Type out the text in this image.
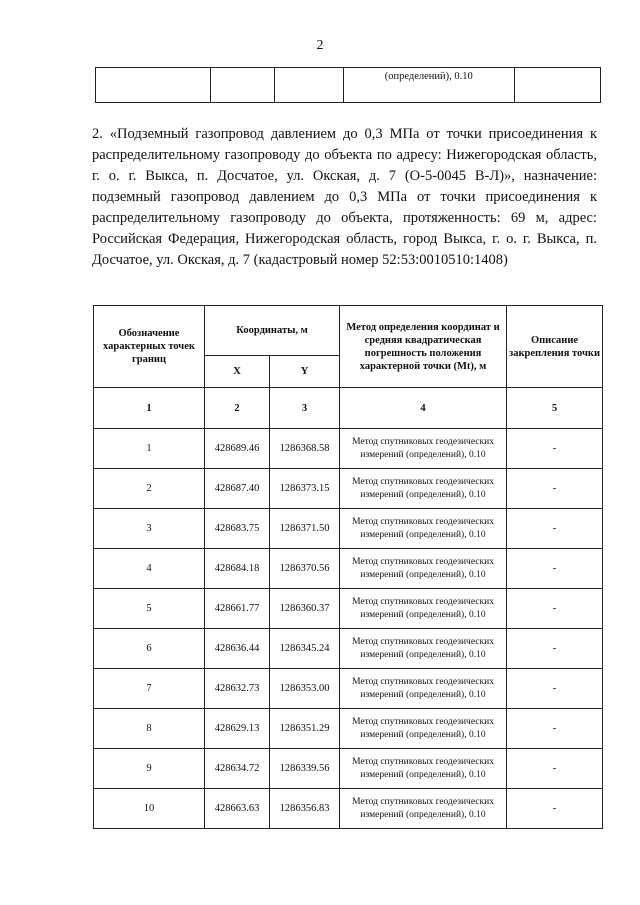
2
			(определений), 0.10	
2. «Подземный газопровод давлением до 0,3 МПа от точки присоединения к распределительному газопроводу до объекта по адресу: Нижегородская область, г. о. г. Выкса, п. Досчатое, ул. Окская, д. 7 (О-5-0045 В-Л)», назначение: подземный газопровод давлением до 0,3 МПа от точки присоединения к распределительному газопроводу до объекта, протяженность: 69 м, адрес: Российская Федерация, Нижегородская область, город Выкса, г. о. г. Выкса, п. Досчатое, ул. Окская, д. 7 (кадастровый номер 52:53:0010510:1408)
Обозначение характерных точек границ	Координаты, м		Метод определения координат и средняя квадратическая погрешность положения характерной точки (Mt), м	Описание закрепления точки
	X	Y		
1	2	3	4	5
1	428689.46	1286368.58	Метод спутниковых геодезических измерений (определений), 0.10	-
2	428687.40	1286373.15	Метод спутниковых геодезических измерений (определений), 0.10	-
3	428683.75	1286371.50	Метод спутниковых геодезических измерений (определений), 0.10	-
4	428684.18	1286370.56	Метод спутниковых геодезических измерений (определений), 0.10	-
5	428661.77	1286360.37	Метод спутниковых геодезических измерений (определений), 0.10	-
6	428636.44	1286345.24	Метод спутниковых геодезических измерений (определений), 0.10	-
7	428632.73	1286353.00	Метод спутниковых геодезических измерений (определений), 0.10	-
8	428629.13	1286351.29	Метод спутниковых геодезических измерений (определений), 0.10	-
9	428634.72	1286339.56	Метод спутниковых геодезических измерений (определений), 0.10	-
10	428663.63	1286356.83	Метод спутниковых геодезических измерений (определений), 0.10	-
